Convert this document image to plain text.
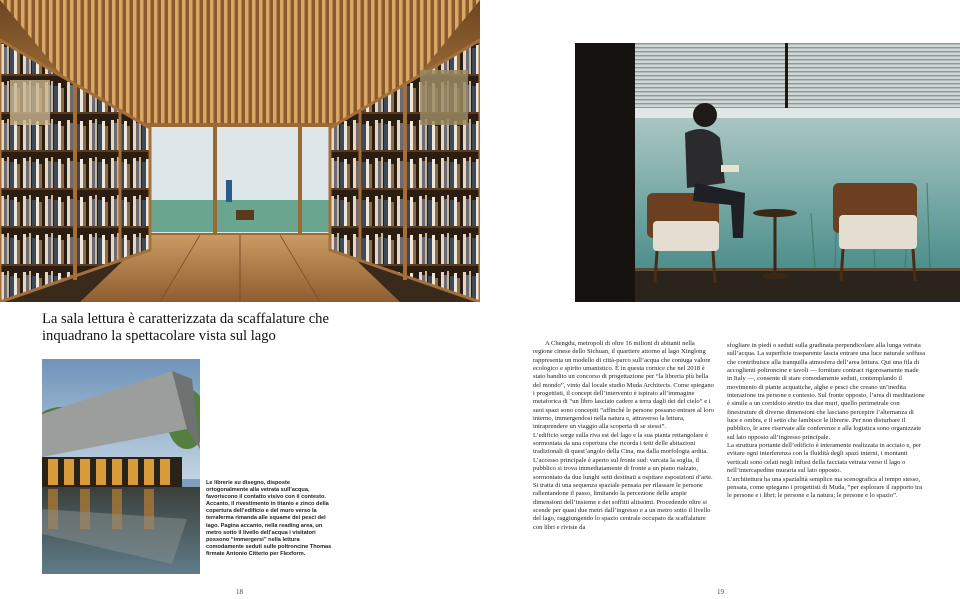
La sala lettura è caratterizzata da scaffalature che inquadrano la spettacolare vista sul lago

Le librerie su disegno, disposte ortogonalmente alla vetrata sull’acqua, favoriscono il contatto visivo con il contesto. Accanto, il rivestimento in titanio e zinco della copertura dell’edificio e del muro verso la terraferma rimanda alle squame dei pesci del lago. Pagina accanto, nella reading area, un metro sotto il livello dell’acqua i visitatori possono “immergersi” nella lettura comodamente seduti sulle poltroncine Thomas firmate Antonio Citterio per Flexform.

18

A Chengdu, metropoli di oltre 16 milioni di abitanti nella regione cinese dello Sichuan, il quartiere attorno al lago Xinglong rappresenta un modello di città-parco sull’acqua che coniuga valore ecologico e spirito umanistico. È in questa cornice che nel 2018 è stato bandito un concorso di progettazione per “la libreria più bella del mondo”, vinto dal locale studio Muda Architects. Come spiegano i progettisti, il concept dell’intervento è ispirato all’immagine metaforica di “un libro lasciato cadere a terra dagli dei del cielo” e i suoi spazi sono concepiti “affinché le persone possano entrare al loro interno, immergendosi nella natura e, attraverso la lettura, intraprendere un viaggio alla scoperta di se stessi”.

L’edificio sorge sulla riva est del lago e la sua pianta rettangolare è sormontata da una copertura che ricorda i tetti delle abitazioni tradizionali di quest’angolo della Cina, ma dalla morfologia ardita. L’accesso principale è aperto sul fronte sud: varcata la soglia, il pubblico si trova immediatamente di fronte a un piano rialzato, sormontato da due lunghi setti destinati a ospitare esposizioni d’arte. Si tratta di una sequenza spaziale pensata per rilassare le persone rallentandone il passo, limitando la percezione delle ampie dimensioni dell’insieme e dei soffitti altissimi. Procedendo oltre si scende per quasi due metri dall’ingresso e a un metro sotto il livello del lago, raggiungendo lo spazio centrale occupato da scaffalature con libri e riviste da

sfogliare in piedi o seduti sulla gradinata perpendicolare alla lunga vetrata sull’acqua. La superficie trasparente lascia entrare una luce naturale soffusa che contribuisce alla tranquilla atmosfera dell’area lettura. Qui una fila di accoglienti poltroncine e tavoli — forniture contract rigorosamente made in Italy —, consente di stare comodamente seduti, contemplando il movimento di piante acquatiche, alghe e pesci che creano un’inedita interazione tra persone e contesto. Sul fronte opposto, l’area di meditazione è simile a un corridoio stretto tra due muri, quello perimetrale con finestrature di diverse dimensioni che lasciano percepire l’alternanza di luce e ombra, e il setto che lambisce le librerie. Per non disturbare il pubblico, le aree riservate alle conferenze e alla logistica sono organizzate sul lato opposto all’ingresso principale.

La struttura portante dell’edificio è interamente realizzata in acciaio e, per evitare ogni interferenza con la fluidità degli spazi interni, i montanti verticali sono celati negli infissi della facciata vetrata verso il lago o nell’intercapedine muraria sul lato opposto.

L’architettura ha una spazialità semplice ma scenografica al tempo stesso, pensata, come spiegano i progettisti di Muda, “per esplorare il rapporto tra le persone e i libri; le persone e la natura; le persone e lo spazio”.

19
